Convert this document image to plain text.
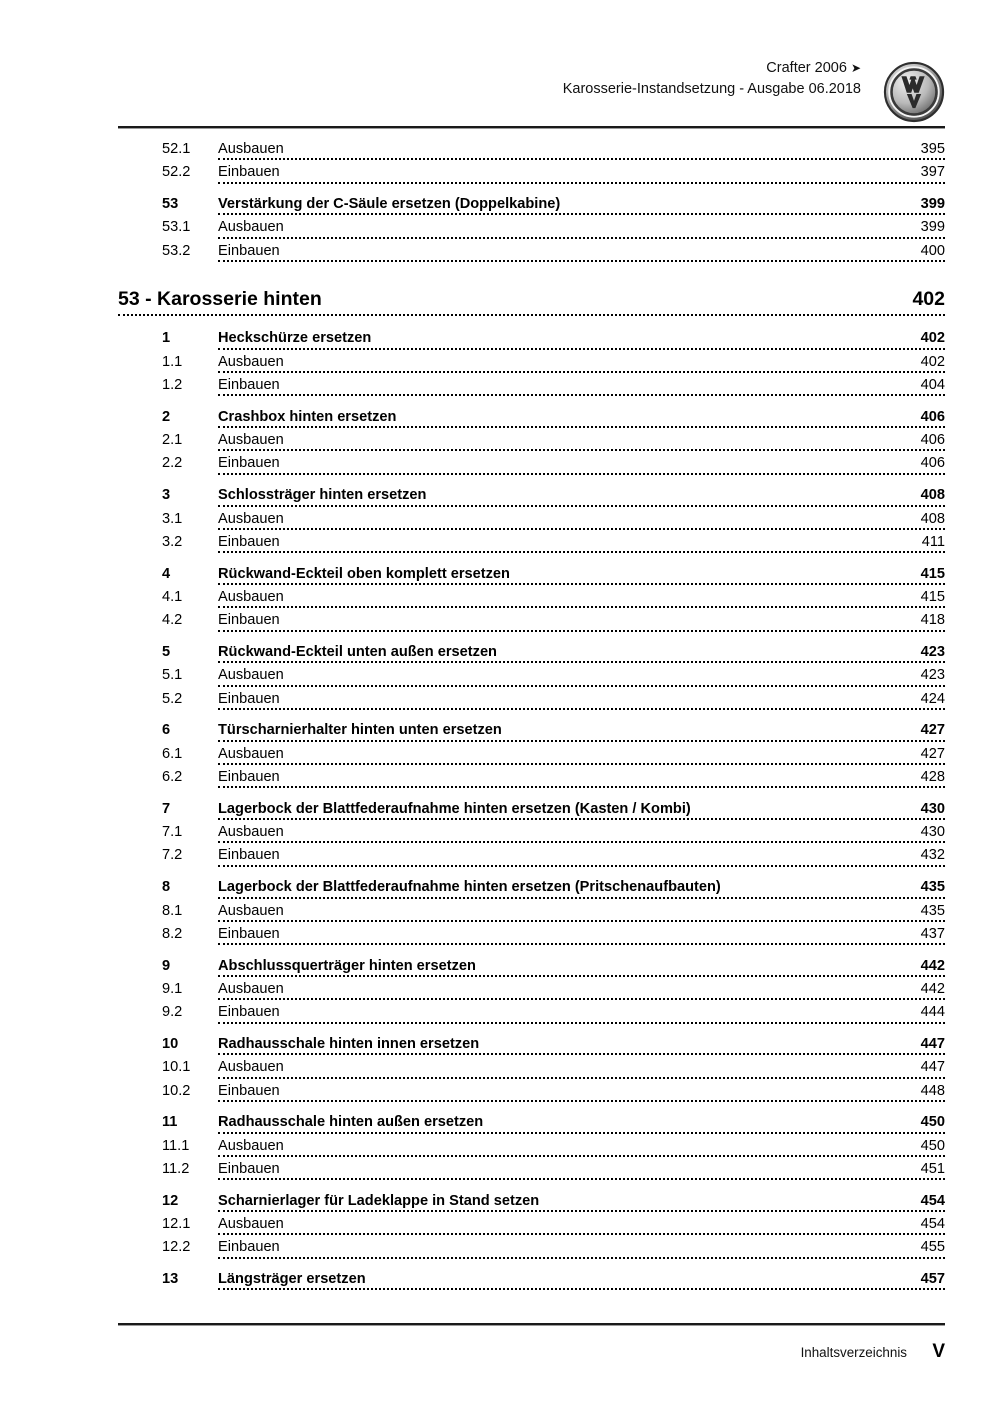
Crafter 2006 ➤
Karosserie-Instandsetzung - Ausgabe 06.2018
52.1	Ausbauen	395
52.2	Einbauen	397
53	Verstärkung der C-Säule ersetzen (Doppelkabine)	399
53.1	Ausbauen	399
53.2	Einbauen	400
53 - Karosserie hinten	402
1	Heckschürze ersetzen	402
1.1	Ausbauen	402
1.2	Einbauen	404
2	Crashbox hinten ersetzen	406
2.1	Ausbauen	406
2.2	Einbauen	406
3	Schlossträger hinten ersetzen	408
3.1	Ausbauen	408
3.2	Einbauen	411
4	Rückwand-Eckteil oben komplett ersetzen	415
4.1	Ausbauen	415
4.2	Einbauen	418
5	Rückwand-Eckteil unten außen ersetzen	423
5.1	Ausbauen	423
5.2	Einbauen	424
6	Türscharnierhalter hinten unten ersetzen	427
6.1	Ausbauen	427
6.2	Einbauen	428
7	Lagerbock der Blattfederaufnahme hinten ersetzen (Kasten / Kombi)	430
7.1	Ausbauen	430
7.2	Einbauen	432
8	Lagerbock der Blattfederaufnahme hinten ersetzen (Pritschenaufbauten)	435
8.1	Ausbauen	435
8.2	Einbauen	437
9	Abschlussquerträger hinten ersetzen	442
9.1	Ausbauen	442
9.2	Einbauen	444
10	Radhausschale hinten innen ersetzen	447
10.1	Ausbauen	447
10.2	Einbauen	448
11	Radhausschale hinten außen ersetzen	450
11.1	Ausbauen	450
11.2	Einbauen	451
12	Scharnierlager für Ladeklappe in Stand setzen	454
12.1	Ausbauen	454
12.2	Einbauen	455
13	Längsträger ersetzen	457
Inhaltsverzeichnis V
